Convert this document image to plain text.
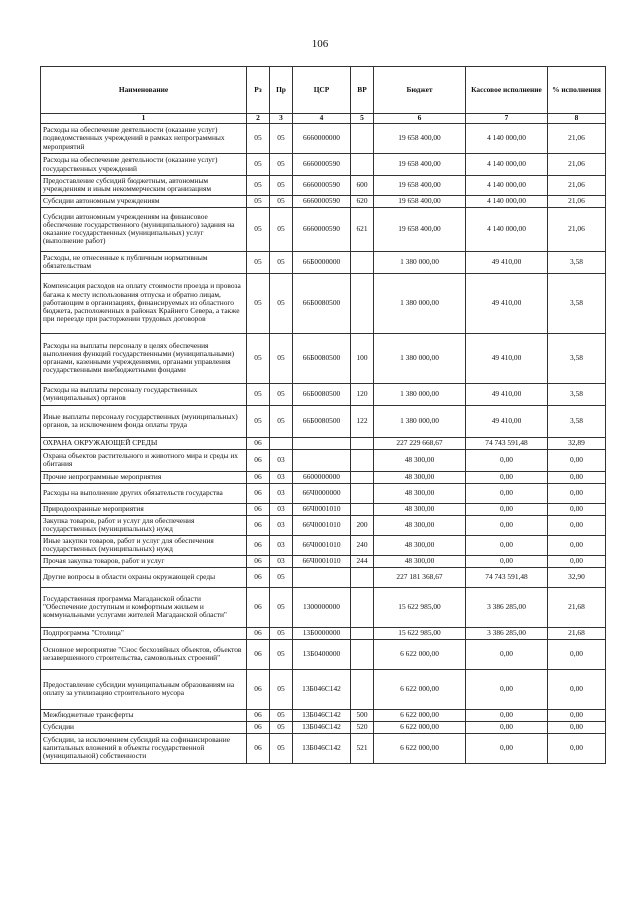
106
Наименование	Рз	Пр	ЦСР	ВР	Бюджет	Кассовое исполнение	% исполнения
1	2	3	4	5	6	7	8
Расходы на обеспечение деятельности (оказание услуг) подведомственных учреждений в рамках непрограммных мероприятий	05	05	6660000000		19 658 400,00	4 140 000,00	21,06
Расходы на обеспечение деятельности (оказание услуг) государственных учреждений	05	05	6660000590		19 658 400,00	4 140 000,00	21,06
Предоставление субсидий бюджетным, автономным учреждениям и иным некоммерческим организациям	05	05	6660000590	600	19 658 400,00	4 140 000,00	21,06
Субсидии автономным учреждениям	05	05	6660000590	620	19 658 400,00	4 140 000,00	21,06
Субсидии автономным учреждениям на финансовое обеспечение государственного (муниципального) задания на оказание государственных (муниципальных) услуг (выполнение работ)	05	05	6660000590	621	19 658 400,00	4 140 000,00	21,06
Расходы, не отнесенные к публичным нормативным обязательствам	05	05	66Б0000000		1 380 000,00	49 410,00	3,58
Компенсация расходов на оплату стоимости проезда и провоза багажа к месту использования отпуска и обратно лицам, работающим в организациях, финансируемых из областного бюджета, расположенных в районах Крайнего Севера, а также при переезде при расторжении трудовых договоров	05	05	66Б0080500		1 380 000,00	49 410,00	3,58
Расходы на выплаты персоналу в целях обеспечения выполнения функций государственными (муниципальными) органами, казенными учреждениями, органами управления государственными внебюджетными фондами	05	05	66Б0080500	100	1 380 000,00	49 410,00	3,58
Расходы на выплаты персоналу государственных (муниципальных) органов	05	05	66Б0080500	120	1 380 000,00	49 410,00	3,58
Иные выплаты персоналу государственных (муниципальных) органов, за исключением фонда оплаты труда	05	05	66Б0080500	122	1 380 000,00	49 410,00	3,58
ОХРАНА ОКРУЖАЮЩЕЙ СРЕДЫ	06				227 229 668,67	74 743 591,48	32,89
Охрана объектов растительного и животного мира и среды их обитания	06	03			48 300,00	0,00	0,00
Прочие непрограммные мероприятия	06	03	6600000000		48 300,00	0,00	0,00
Расходы на выполнение других обязательств государства	06	03	66Ч0000000		48 300,00	0,00	0,00
Природоохранные мероприятия	06	03	66Ч0001010		48 300,00	0,00	0,00
Закупка товаров, работ и услуг для обеспечения государственных (муниципальных) нужд	06	03	66Ч0001010	200	48 300,00	0,00	0,00
Иные закупки товаров, работ и услуг для обеспечения государственных (муниципальных) нужд	06	03	66Ч0001010	240	48 300,00	0,00	0,00
Прочая закупка товаров, работ и услуг	06	03	66Ч0001010	244	48 300,00	0,00	0,00
Другие вопросы в области охраны окружающей среды	06	05			227 181 368,67	74 743 591,48	32,90
Государственная программа Магаданской области "Обеспечение доступным и комфортным жильем и коммунальными услугами жителей Магаданской области"	06	05	1300000000		15 622 985,00	3 386 285,00	21,68
Подпрограмма "Столица"	06	05	13Б0000000		15 622 985,00	3 386 285,00	21,68
Основное мероприятие "Снос бесхозяйных объектов, объектов незавершенного строительства, самовольных строений"	06	05	13Б0400000		6 622 000,00	0,00	0,00
Предоставление субсидии муниципальным образованиям на оплату за утилизацию строительного мусора	06	05	13Б046С142		6 622 000,00	0,00	0,00
Межбюджетные трансферты	06	05	13Б046С142	500	6 622 000,00	0,00	0,00
Субсидии	06	05	13Б046С142	520	6 622 000,00	0,00	0,00
Субсидии, за исключением субсидий на софинансирование капитальных вложений в объекты государственной (муниципальной) собственности	06	05	13Б046С142	521	6 622 000,00	0,00	0,00
